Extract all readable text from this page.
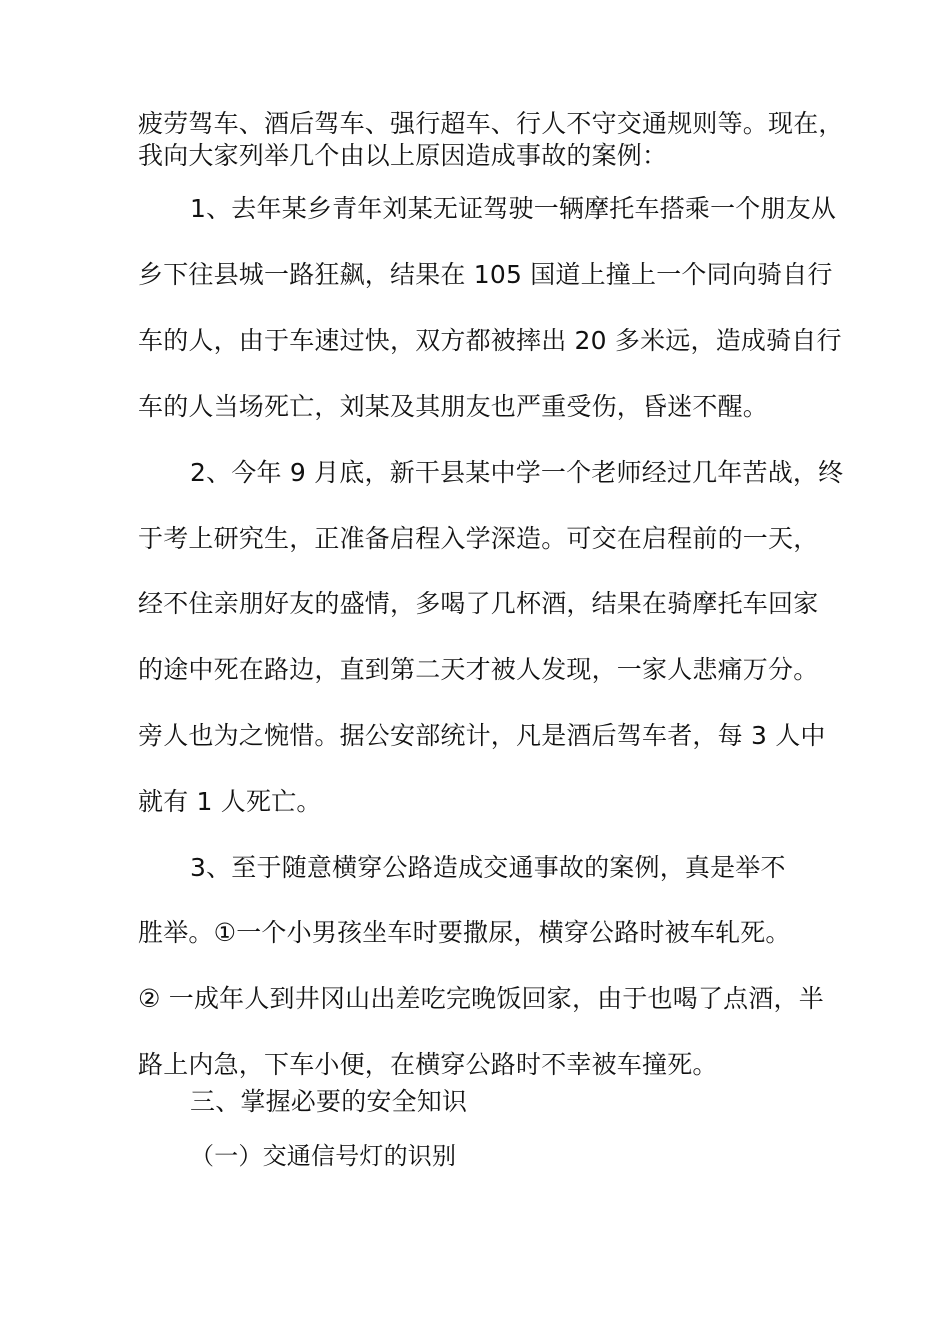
疲劳驾车、酒后驾车、强行超车、行人不守交通规则等。现在，
我向大家列举几个由以上原因造成事故的案例：
1、去年某乡青年刘某无证驾驶一辆摩托车搭乘一个朋友从
乡下往县城一路狂飙，结果在 105 国道上撞上一个同向骑自行
车的人，由于车速过快，双方都被摔出 20 多米远，造成骑自行
车的人当场死亡，刘某及其朋友也严重受伤，昏迷不醒。
2、今年 9 月底，新干县某中学一个老师经过几年苦战，终
于考上研究生，正准备启程入学深造。可交在启程前的一天，
经不住亲朋好友的盛情，多喝了几杯酒，结果在骑摩托车回家
的途中死在路边，直到第二天才被人发现，一家人悲痛万分。
旁人也为之惋惜。据公安部统计，凡是酒后驾车者，每 3 人中
就有 1 人死亡。
3、至于随意横穿公路造成交通事故的案例，真是举不
胜举。①一个小男孩坐车时要撒尿，横穿公路时被车轧死。
② 一成年人到井冈山出差吃完晚饭回家，由于也喝了点酒，半
路上内急，下车小便，在横穿公路时不幸被车撞死。
三、掌握必要的安全知识
（一）交通信号灯的识别
